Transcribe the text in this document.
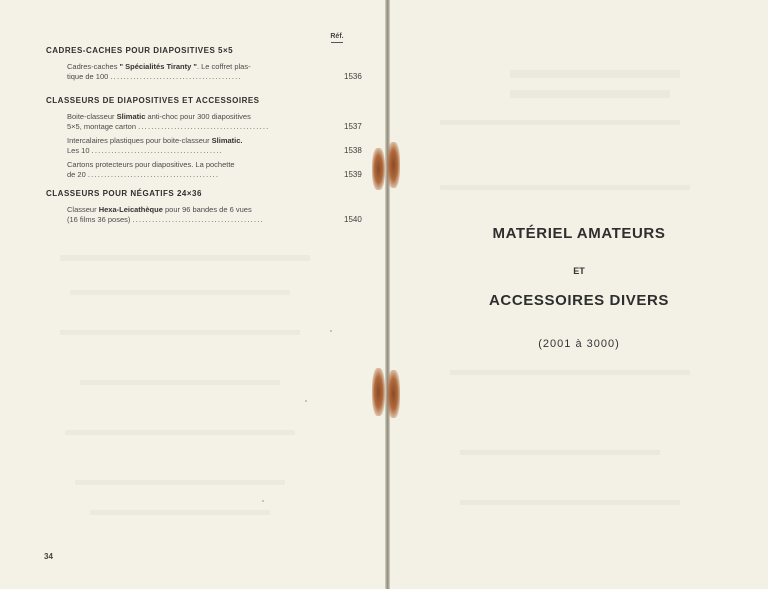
Réf.
CADRES-CACHES POUR DIAPOSITIVES 5×5
Cadres-caches " Spécialités Tiranty ". Le coffret plas-
tique de 100 ........................................	1536
CLASSEURS DE DIAPOSITIVES ET ACCESSOIRES
Boite-classeur Slimatic anti-choc pour 300 diapositives
5×5, montage carton ........................................	1537
Intercalaires plastiques pour boite-classeur Slimatic.
Les 10 ........................................	1538
Cartons protecteurs pour diapositives. La pochette
de 20 ........................................	1539
CLASSEURS POUR NÉGATIFS 24×36
Classeur Hexa-Leicathèque pour 96 bandes de 6 vues
(16 films 36 poses) ........................................	1540
34
MATÉRIEL AMATEURS
ET
ACCESSOIRES DIVERS
(2001 à 3000)
